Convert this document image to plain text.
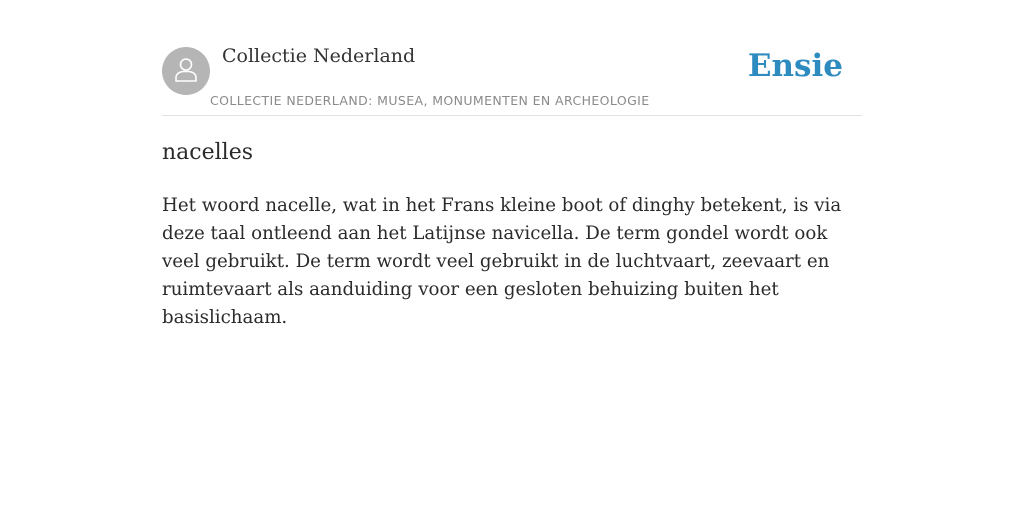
Collectie Nederland
COLLECTIE NEDERLAND: MUSEA, MONUMENTEN EN ARCHEOLOGIE
Ensie
nacelles

Het woord nacelle, wat in het Frans kleine boot of dinghy betekent, is via deze taal ontleend aan het Latijnse navicella. De term gondel wordt ook veel gebruikt. De term wordt veel gebruikt in de luchtvaart, zeevaart en ruimtevaart als aanduiding voor een gesloten behuizing buiten het basislichaam.
